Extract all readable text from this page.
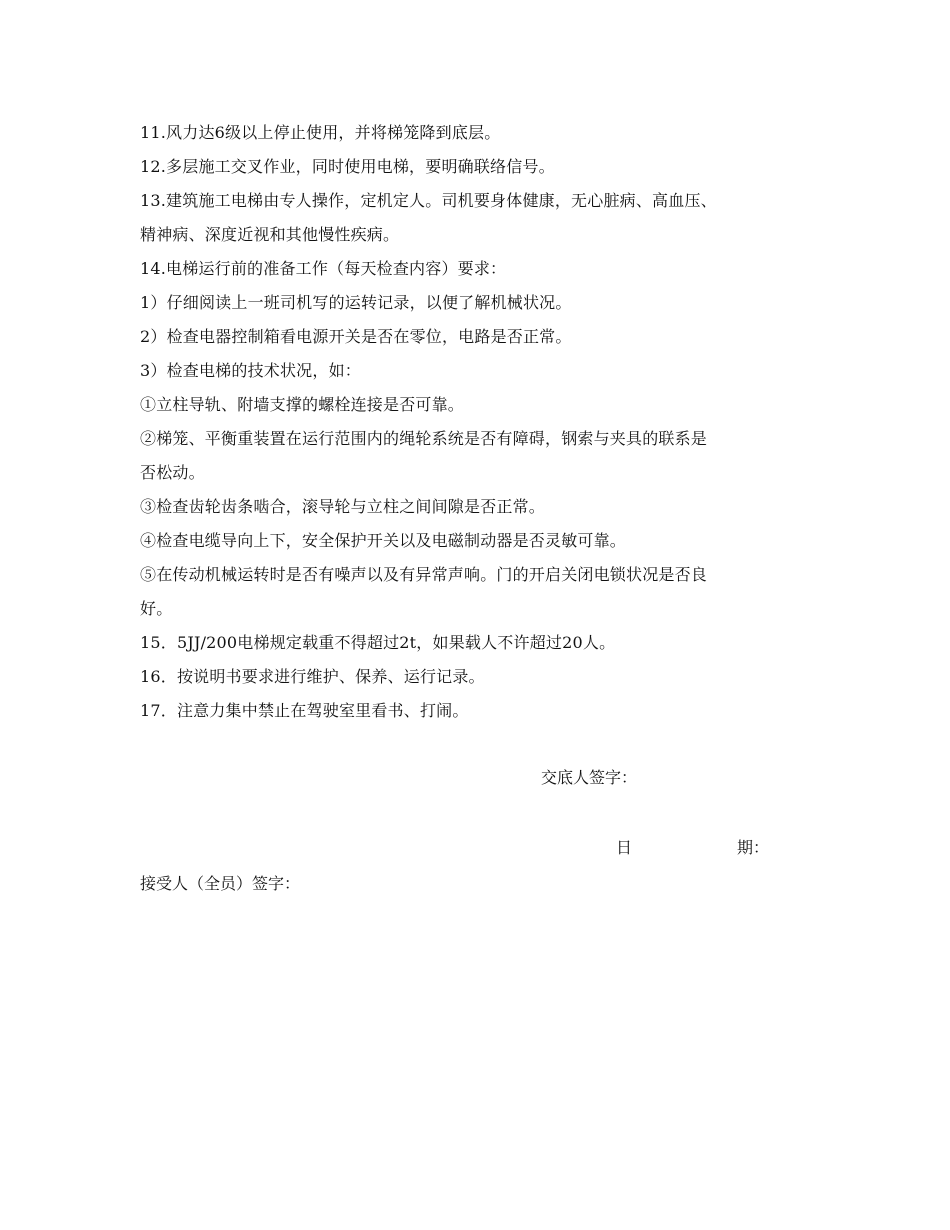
11.风力达6级以上停止使用，并将梯笼降到底层。
12.多层施工交叉作业，同时使用电梯，要明确联络信号。
13.建筑施工电梯由专人操作，定机定人。司机要身体健康，无心脏病、高血压、
精神病、深度近视和其他慢性疾病。
14.电梯运行前的准备工作（每天检查内容）要求：
1）仔细阅读上一班司机写的运转记录，以便了解机械状况。
2）检查电器控制箱看电源开关是否在零位，电路是否正常。
3）检查电梯的技术状况，如：
①立柱导轨、附墙支撑的螺栓连接是否可靠。
②梯笼、平衡重装置在运行范围内的绳轮系统是否有障碍，钢索与夹具的联系是
否松动。
③检查齿轮齿条啮合，滚导轮与立柱之间间隙是否正常。
④检查电缆导向上下，安全保护开关以及电磁制动器是否灵敏可靠。
⑤在传动机械运转时是否有噪声以及有异常声响。门的开启关闭电锁状况是否良
好。
15．5JJ/200电梯规定载重不得超过2t，如果载人不许超过20人。
16．按说明书要求进行维护、保养、运行记录。
17．注意力集中禁止在驾驶室里看书、打闹。
交底人签字：
日	期：
接受人（全员）签字：
